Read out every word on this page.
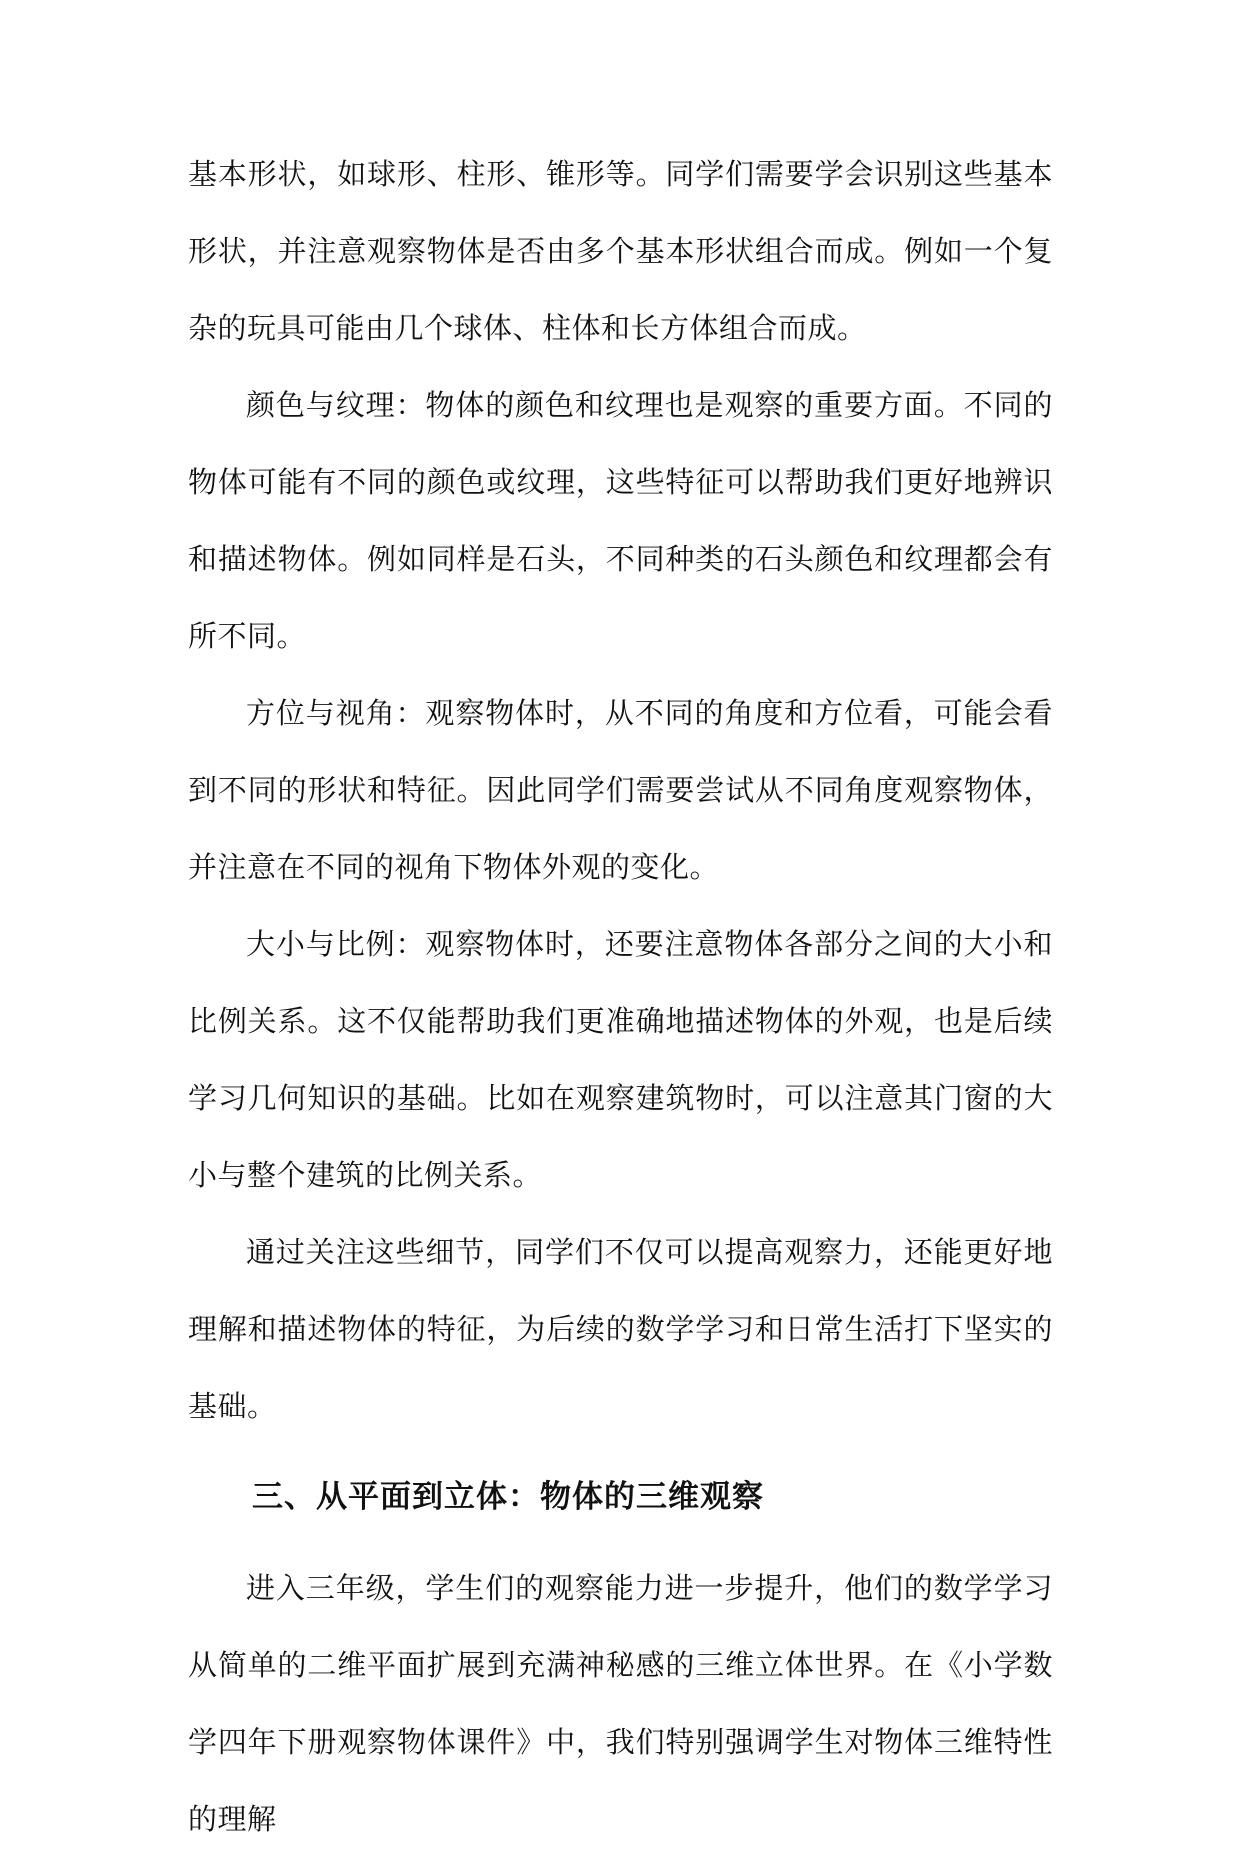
基本形状，如球形、柱形、锥形等。同学们需要学会识别这些基本形状，并注意观察物体是否由多个基本形状组合而成。例如一个复杂的玩具可能由几个球体、柱体和长方体组合而成。

颜色与纹理：物体的颜色和纹理也是观察的重要方面。不同的物体可能有不同的颜色或纹理，这些特征可以帮助我们更好地辨识和描述物体。例如同样是石头，不同种类的石头颜色和纹理都会有所不同。

方位与视角：观察物体时，从不同的角度和方位看，可能会看到不同的形状和特征。因此同学们需要尝试从不同角度观察物体，并注意在不同的视角下物体外观的变化。

大小与比例：观察物体时，还要注意物体各部分之间的大小和比例关系。这不仅能帮助我们更准确地描述物体的外观，也是后续学习几何知识的基础。比如在观察建筑物时，可以注意其门窗的大小与整个建筑的比例关系。

通过关注这些细节，同学们不仅可以提高观察力，还能更好地理解和描述物体的特征，为后续的数学学习和日常生活打下坚实的基础。

三、从平面到立体：物体的三维观察

进入三年级，学生们的观察能力进一步提升，他们的数学学习从简单的二维平面扩展到充满神秘感的三维立体世界。在《小学数学四年下册观察物体课件》中，我们特别强调学生对物体三维特性的理解
